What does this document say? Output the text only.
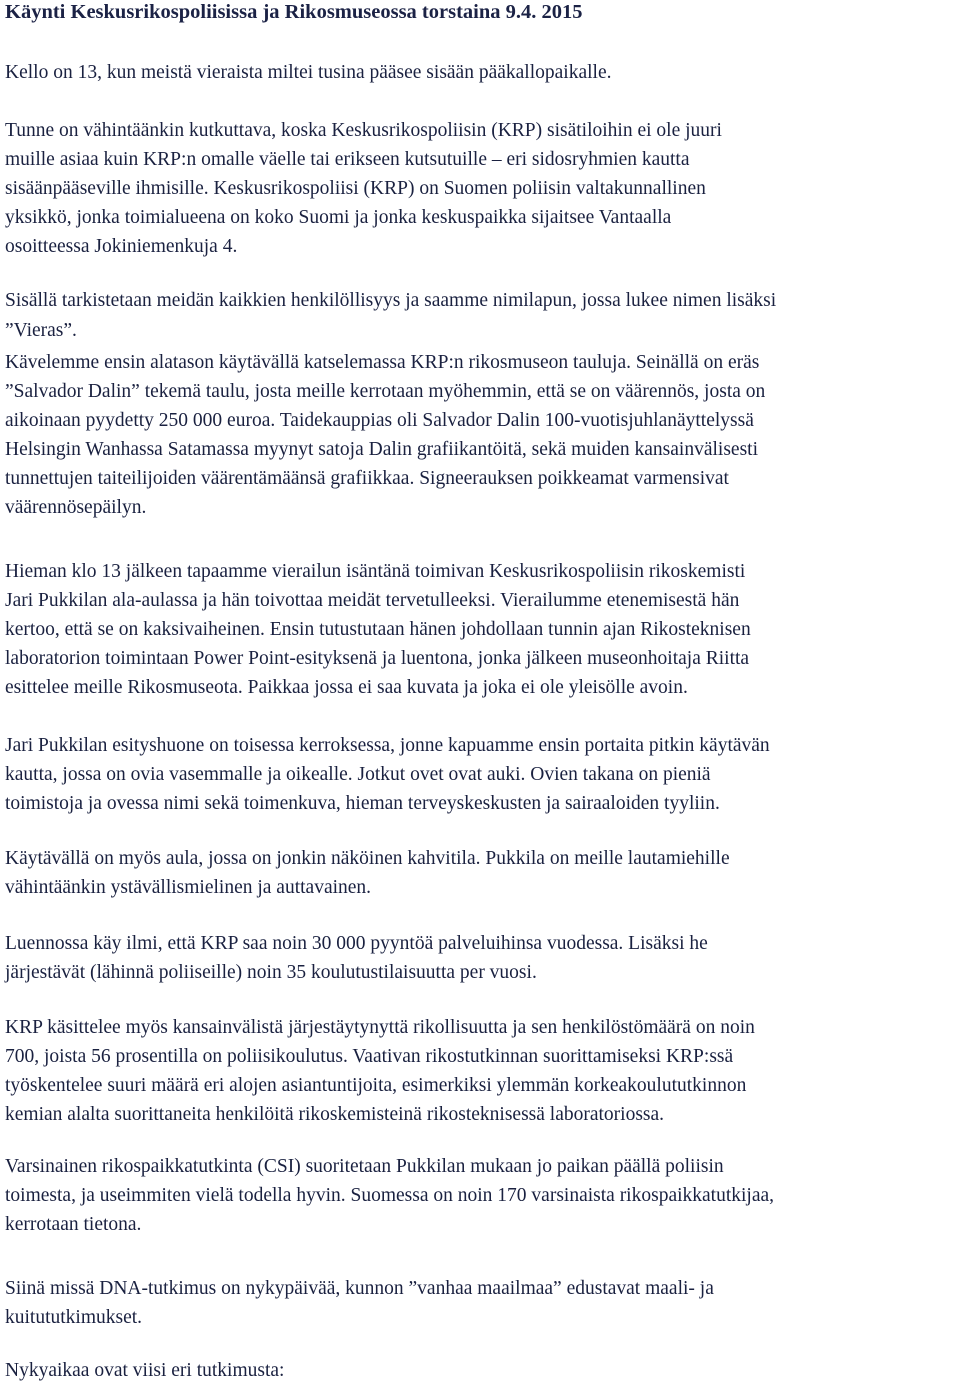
Käynti Keskusrikospoliisissa ja Rikosmuseossa torstaina 9.4. 2015

Kello on 13, kun meistä vieraista miltei tusina pääsee sisään pääkallopaikalle.

Tunne on vähintäänkin kutkuttava, koska Keskusrikospoliisin (KRP) sisätiloihin ei ole juuri
muille asiaa kuin KRP:n omalle väelle tai erikseen kutsutuille – eri sidosryhmien kautta
sisäänpääseville ihmisille. Keskusrikospoliisi (KRP) on Suomen poliisin valtakunnallinen
yksikkö, jonka toimialueena on koko Suomi ja jonka keskuspaikka sijaitsee Vantaalla
osoitteessa Jokiniemenkuja 4.

Sisällä tarkistetaan meidän kaikkien henkilöllisyys ja saamme nimilapun, jossa lukee nimen lisäksi
”Vieras”.

Kävelemme ensin alatason käytävällä katselemassa KRP:n rikosmuseon tauluja. Seinällä on eräs
”Salvador Dalin” tekemä taulu, josta meille kerrotaan myöhemmin, että se on väärennös, josta on
aikoinaan pyydetty 250 000 euroa. Taidekauppias oli Salvador Dalin 100-vuotisjuhlanäyttelyssä
Helsingin Wanhassa Satamassa myynyt satoja Dalin grafiikantöitä, sekä muiden kansainvälisesti
tunnettujen taiteilijoiden väärentämäänsä grafiikkaa. Signeerauksen poikkeamat varmensivat
väärennösepäilyn.

Hieman klo 13 jälkeen tapaamme vierailun isäntänä toimivan Keskusrikospoliisin rikoskemisti
Jari Pukkilan ala-aulassa ja hän toivottaa meidät tervetulleeksi. Vierailumme etenemisestä hän
kertoo, että se on kaksivaiheinen. Ensin tutustutaan hänen johdollaan tunnin ajan Rikosteknisen
laboratorion toimintaan Power Point-esityksenä ja luentona, jonka jälkeen museonhoitaja Riitta
esittelee meille Rikosmuseota. Paikkaa jossa ei saa kuvata ja joka ei ole yleisölle avoin.

Jari Pukkilan esityshuone on toisessa kerroksessa, jonne kapuamme ensin portaita pitkin käytävän
kautta, jossa on ovia vasemmalle ja oikealle. Jotkut ovet ovat auki. Ovien takana on pieniä
toimistoja ja ovessa nimi sekä toimenkuva, hieman terveyskeskusten ja sairaaloiden tyyliin.

Käytävällä on myös aula, jossa on jonkin näköinen kahvitila. Pukkila on meille lautamiehille
vähintäänkin ystävällismielinen ja auttavainen.

Luennossa käy ilmi, että KRP saa noin 30 000 pyyntöä palveluihinsa vuodessa. Lisäksi he
järjestävät (lähinnä poliiseille) noin 35 koulutustilaisuutta per vuosi.

KRP käsittelee myös kansainvälistä järjestäytynyttä rikollisuutta ja sen henkilöstömäärä on noin
700, joista 56 prosentilla on poliisikoulutus. Vaativan rikostutkinnan suorittamiseksi KRP:ssä
työskentelee suuri määrä eri alojen asiantuntijoita, esimerkiksi ylemmän korkeakoulututkinnon
kemian alalta suorittaneita henkilöitä rikoskemisteinä rikosteknisessä laboratoriossa.

Varsinainen rikospaikkatutkinta (CSI) suoritetaan Pukkilan mukaan jo paikan päällä poliisin
toimesta, ja useimmiten vielä todella hyvin. Suomessa on noin 170 varsinaista rikospaikkatutkijaa,
kerrotaan tietona.

Siinä missä DNA-tutkimus on nykypäivää, kunnon ”vanhaa maailmaa” edustavat maali- ja
kuitututkimukset.

Nykyaikaa ovat viisi eri tutkimusta:
